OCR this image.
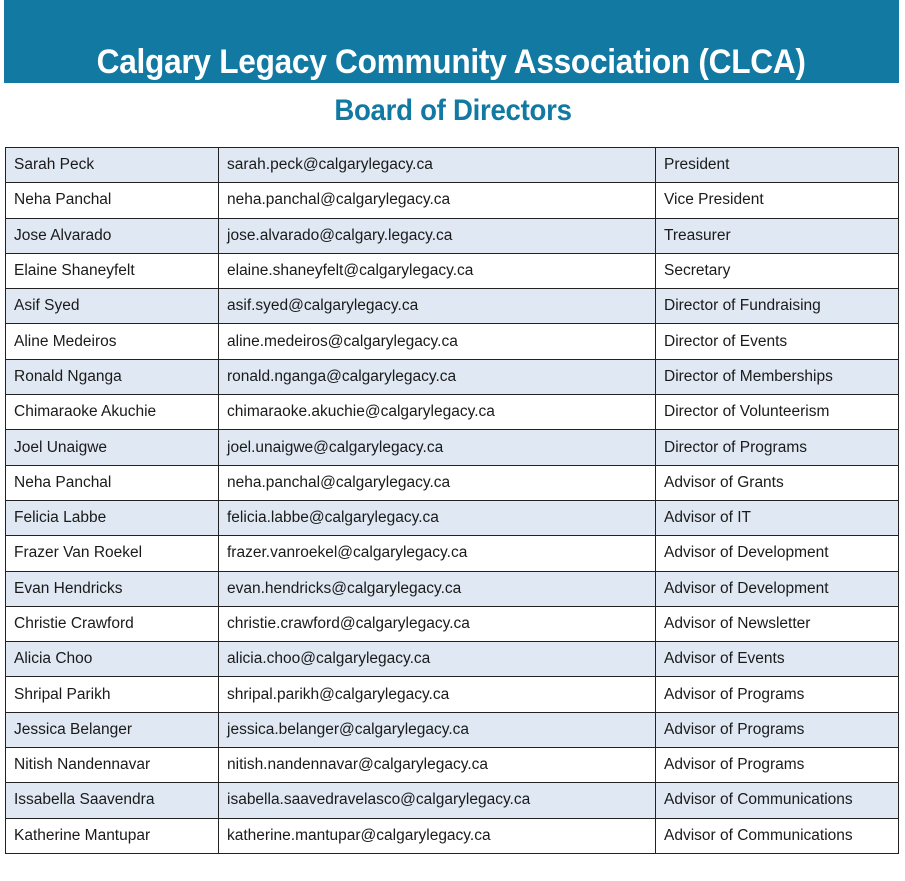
Calgary Legacy Community Association (CLCA)
Board of Directors
Sarah Peck	sarah.peck@calgarylegacy.ca	President
Neha Panchal	neha.panchal@calgarylegacy.ca	Vice President
Jose Alvarado	jose.alvarado@calgary.legacy.ca	Treasurer
Elaine Shaneyfelt	elaine.shaneyfelt@calgarylegacy.ca	Secretary
Asif Syed	asif.syed@calgarylegacy.ca	Director of Fundraising
Aline Medeiros	aline.medeiros@calgarylegacy.ca	Director of Events
Ronald Nganga	ronald.nganga@calgarylegacy.ca	Director of Memberships
Chimaraoke Akuchie	chimaraoke.akuchie@calgarylegacy.ca	Director of Volunteerism
Joel Unaigwe	joel.unaigwe@calgarylegacy.ca	Director of Programs
Neha Panchal	neha.panchal@calgarylegacy.ca	Advisor of Grants
Felicia Labbe	felicia.labbe@calgarylegacy.ca	Advisor of IT
Frazer Van Roekel	frazer.vanroekel@calgarylegacy.ca	Advisor of Development
Evan Hendricks	evan.hendricks@calgarylegacy.ca	Advisor of Development
Christie Crawford	christie.crawford@calgarylegacy.ca	Advisor of Newsletter
Alicia Choo	alicia.choo@calgarylegacy.ca	Advisor of Events
Shripal Parikh	shripal.parikh@calgarylegacy.ca	Advisor of Programs
Jessica Belanger	jessica.belanger@calgarylegacy.ca	Advisor of Programs
Nitish Nandennavar	nitish.nandennavar@calgarylegacy.ca	Advisor of Programs
Issabella Saavendra	isabella.saavedravelasco@calgarylegacy.ca	Advisor of Communications
Katherine Mantupar	katherine.mantupar@calgarylegacy.ca	Advisor of Communications
